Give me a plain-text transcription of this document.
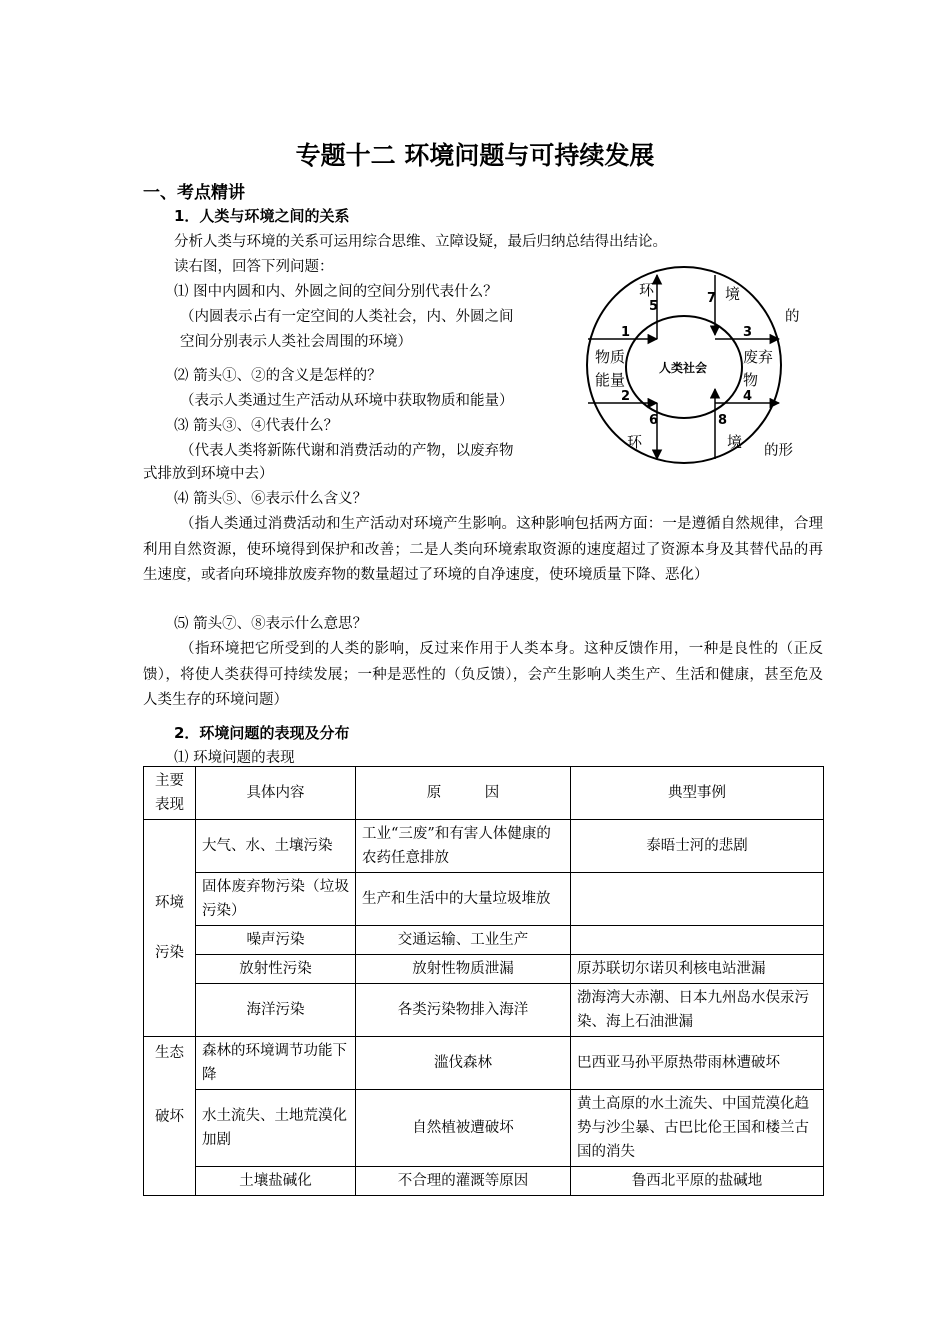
专题十二 环境问题与可持续发展
一、考点精讲
1．人类与环境之间的关系
分析人类与环境的关系可运用综合思维、立障设疑，最后归纳总结得出结论。
读右图，回答下列问题：
⑴ 图中内圆和内、外圆之间的空间分别代表什么？
（内圆表示占有一定空间的人类社会，内、外圆之间
空间分别表示人类社会周围的环境）
⑵ 箭头①、②的含义是怎样的？
（表示人类通过生产活动从环境中获取物质和能量）
⑶ 箭头③、④代表什么？
（代表人类将新陈代谢和消费活动的产物，以废弃物
式排放到环境中去）
的
的形
环	境
环	境
物质
能量
废弃
物
人类社会
1
2
3
4
5
6
7
8
⑷ 箭头⑤、⑥表示什么含义？
（指人类通过消费活动和生产活动对环境产生影响。这种影响包括两方面：一是遵循自然规律，合理利用自然资源，使环境得到保护和改善；二是人类向环境索取资源的速度超过了资源本身及其替代品的再生速度，或者向环境排放废弃物的数量超过了环境的自净速度，使环境质量下降、恶化）
⑸ 箭头⑦、⑧表示什么意思？
（指环境把它所受到的人类的影响，反过来作用于人类本身。这种反馈作用，一种是良性的（正反馈），将使人类获得可持续发展；一种是恶性的（负反馈），会产生影响人类生产、生活和健康，甚至危及人类生存的环境问题）
2．环境问题的表现及分布
⑴ 环境问题的表现
主要表现	具体内容	原　　　因	典型事例

环境
污染	大气、水、土壤污染	工业“三废”和有害人体健康的农药任意排放	泰晤士河的悲剧
	固体废弃物污染（垃圾污染）	生产和生活中的大量垃圾堆放	
	噪声污染	交通运输、工业生产	
	放射性污染	放射性物质泄漏	原苏联切尔诺贝利核电站泄漏
	海洋污染	各类污染物排入海洋	渤海湾大赤潮、日本九州岛水俣汞污染、海上石油泄漏

生态
破坏	森林的环境调节功能下降	滥伐森林	巴西亚马孙平原热带雨林遭破坏
	水土流失、土地荒漠化加剧	自然植被遭破坏	黄土高原的水土流失、中国荒漠化趋势与沙尘暴、古巴比伦王国和楼兰古国的消失
	土壤盐碱化	不合理的灌溉等原因	鲁西北平原的盐碱地
